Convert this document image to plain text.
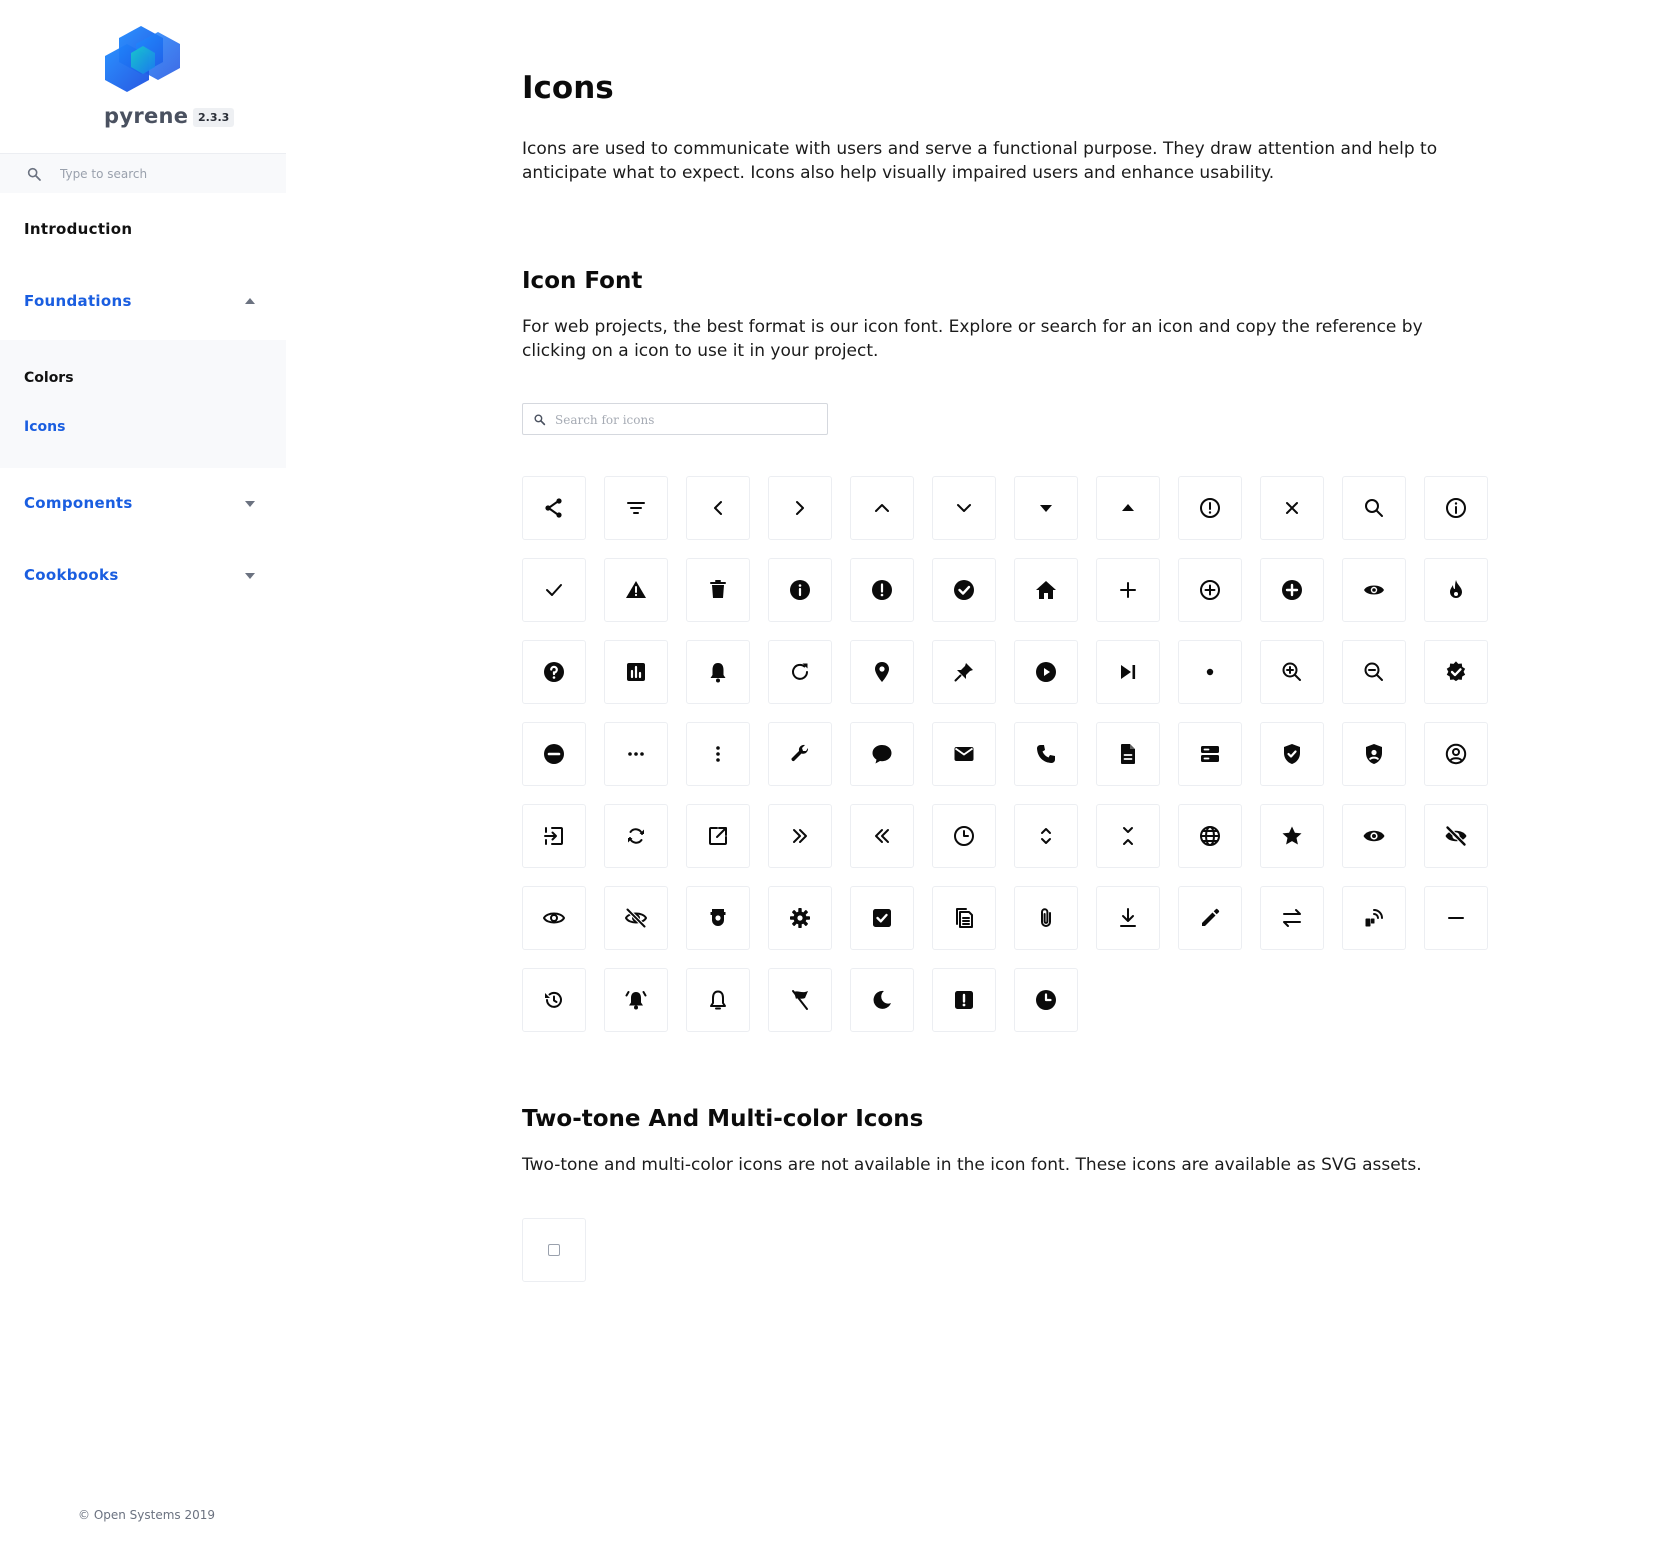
pyrene 2.3.3
Type to search
Introduction
Foundations
Colors
Icons
Components
Cookbooks
© Open Systems 2019
Icons

Icons are used to communicate with users and serve a functional purpose. They draw attention and help to anticipate what to expect. Icons also help visually impaired users and enhance usability.

Icon Font

For web projects, the best format is our icon font. Explore or search for an icon and copy the reference by clicking on a icon to use it in your project.

Search for icons
Two-tone And Multi-color Icons

Two-tone and multi-color icons are not available in the icon font. These icons are available as SVG assets.
